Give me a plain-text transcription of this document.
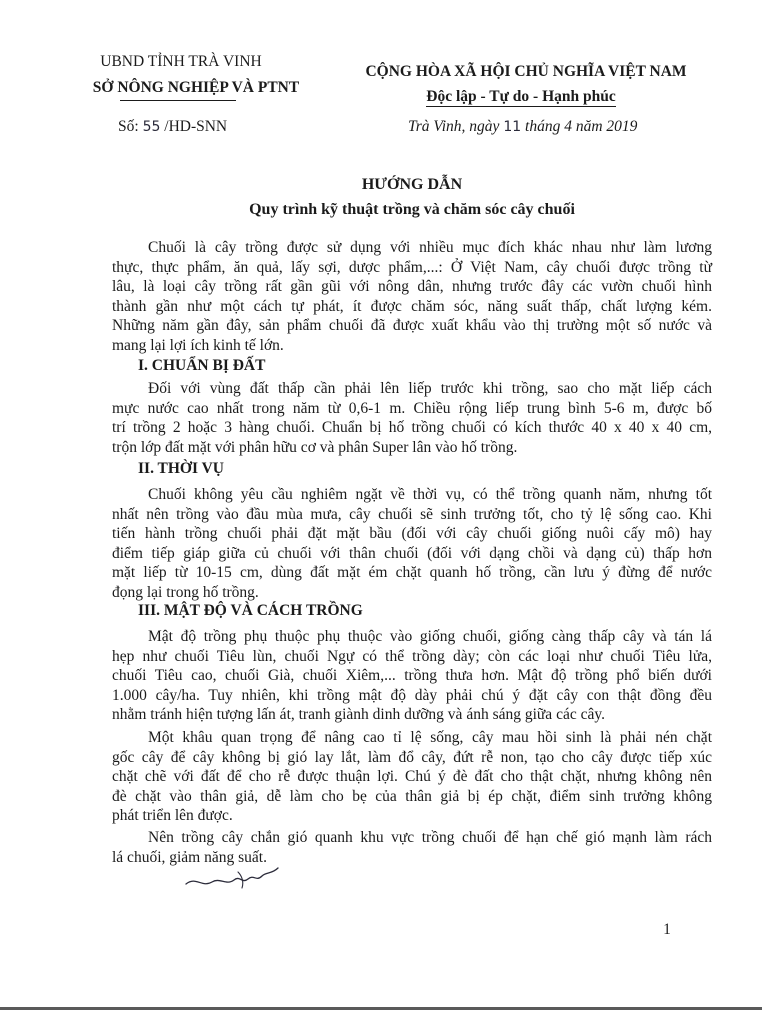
UBND TỈNH TRÀ VINH
SỞ NÔNG NGHIỆP VÀ PTNT
CỘNG HÒA XÃ HỘI CHỦ NGHĨA VIỆT NAM
Độc lập - Tự do - Hạnh phúc
Số: 55 /HD-SNN	Trà Vinh, ngày 11 tháng 4 năm 2019
HƯỚNG DẪN
Quy trình kỹ thuật trồng và chăm sóc cây chuối
Chuối là cây trồng được sử dụng với nhiều mục đích khác nhau như làm lương
thực, thực phẩm, ăn quả, lấy sợi, dược phẩm,...: Ở Việt Nam, cây chuối được trồng từ
lâu, là loại cây trồng rất gần gũi với nông dân, nhưng trước đây các vườn chuối hình
thành gần như một cách tự phát, ít được chăm sóc, năng suất thấp, chất lượng kém.
Những năm gần đây, sản phẩm chuối đã được xuất khẩu vào thị trường một số nước và
mang lại lợi ích kinh tế lớn.
I. CHUẨN BỊ ĐẤT
Đối với vùng đất thấp cần phải lên liếp trước khi trồng, sao cho mặt liếp cách
mực nước cao nhất trong năm từ 0,6-1 m. Chiều rộng liếp trung bình 5-6 m, được bố
trí trồng 2 hoặc 3 hàng chuối. Chuẩn bị hố trồng chuối có kích thước 40 x 40 x 40 cm,
trộn lớp đất mặt với phân hữu cơ và phân Super lân vào hố trồng.
II. THỜI VỤ
Chuối không yêu cầu nghiêm ngặt về thời vụ, có thể trồng quanh năm, nhưng tốt
nhất nên trồng vào đầu mùa mưa, cây chuối sẽ sinh trưởng tốt, cho tỷ lệ sống cao. Khi
tiến hành trồng chuối phải đặt mặt bầu (đối với cây chuối giống nuôi cấy mô) hay
điểm tiếp giáp giữa củ chuối với thân chuối (đối với dạng chồi và dạng củ) thấp hơn
mặt liếp từ 10-15 cm, dùng đất mặt ém chặt quanh hố trồng, cần lưu ý đừng để nước
đọng lại trong hố trồng.
III. MẬT ĐỘ VÀ CÁCH TRỒNG
Mật độ trồng phụ thuộc phụ thuộc vào giống chuối, giống càng thấp cây và tán lá
hẹp như chuối Tiêu lùn, chuối Ngự có thể trồng dày; còn các loại như chuối Tiêu lửa,
chuối Tiêu cao, chuối Già, chuối Xiêm,... trồng thưa hơn. Mật độ trồng phổ biến dưới
1.000 cây/ha. Tuy nhiên, khi trồng mật độ dày phải chú ý đặt cây con thật đồng đều
nhằm tránh hiện tượng lấn át, tranh giành dinh dưỡng và ánh sáng giữa các cây.
Một khâu quan trọng để nâng cao tỉ lệ sống, cây mau hồi sinh là phải nén chặt
gốc cây để cây không bị gió lay lắt, làm đổ cây, đứt rễ non, tạo cho cây được tiếp xúc
chặt chẽ với đất để cho rễ được thuận lợi. Chú ý đè đất cho thật chặt, nhưng không nên
đè chặt vào thân giả, dễ làm cho bẹ của thân giả bị ép chặt, điểm sinh trưởng không
phát triển lên được.
Nên trồng cây chắn gió quanh khu vực trồng chuối để hạn chế gió mạnh làm rách
lá chuối, giảm năng suất.
1
